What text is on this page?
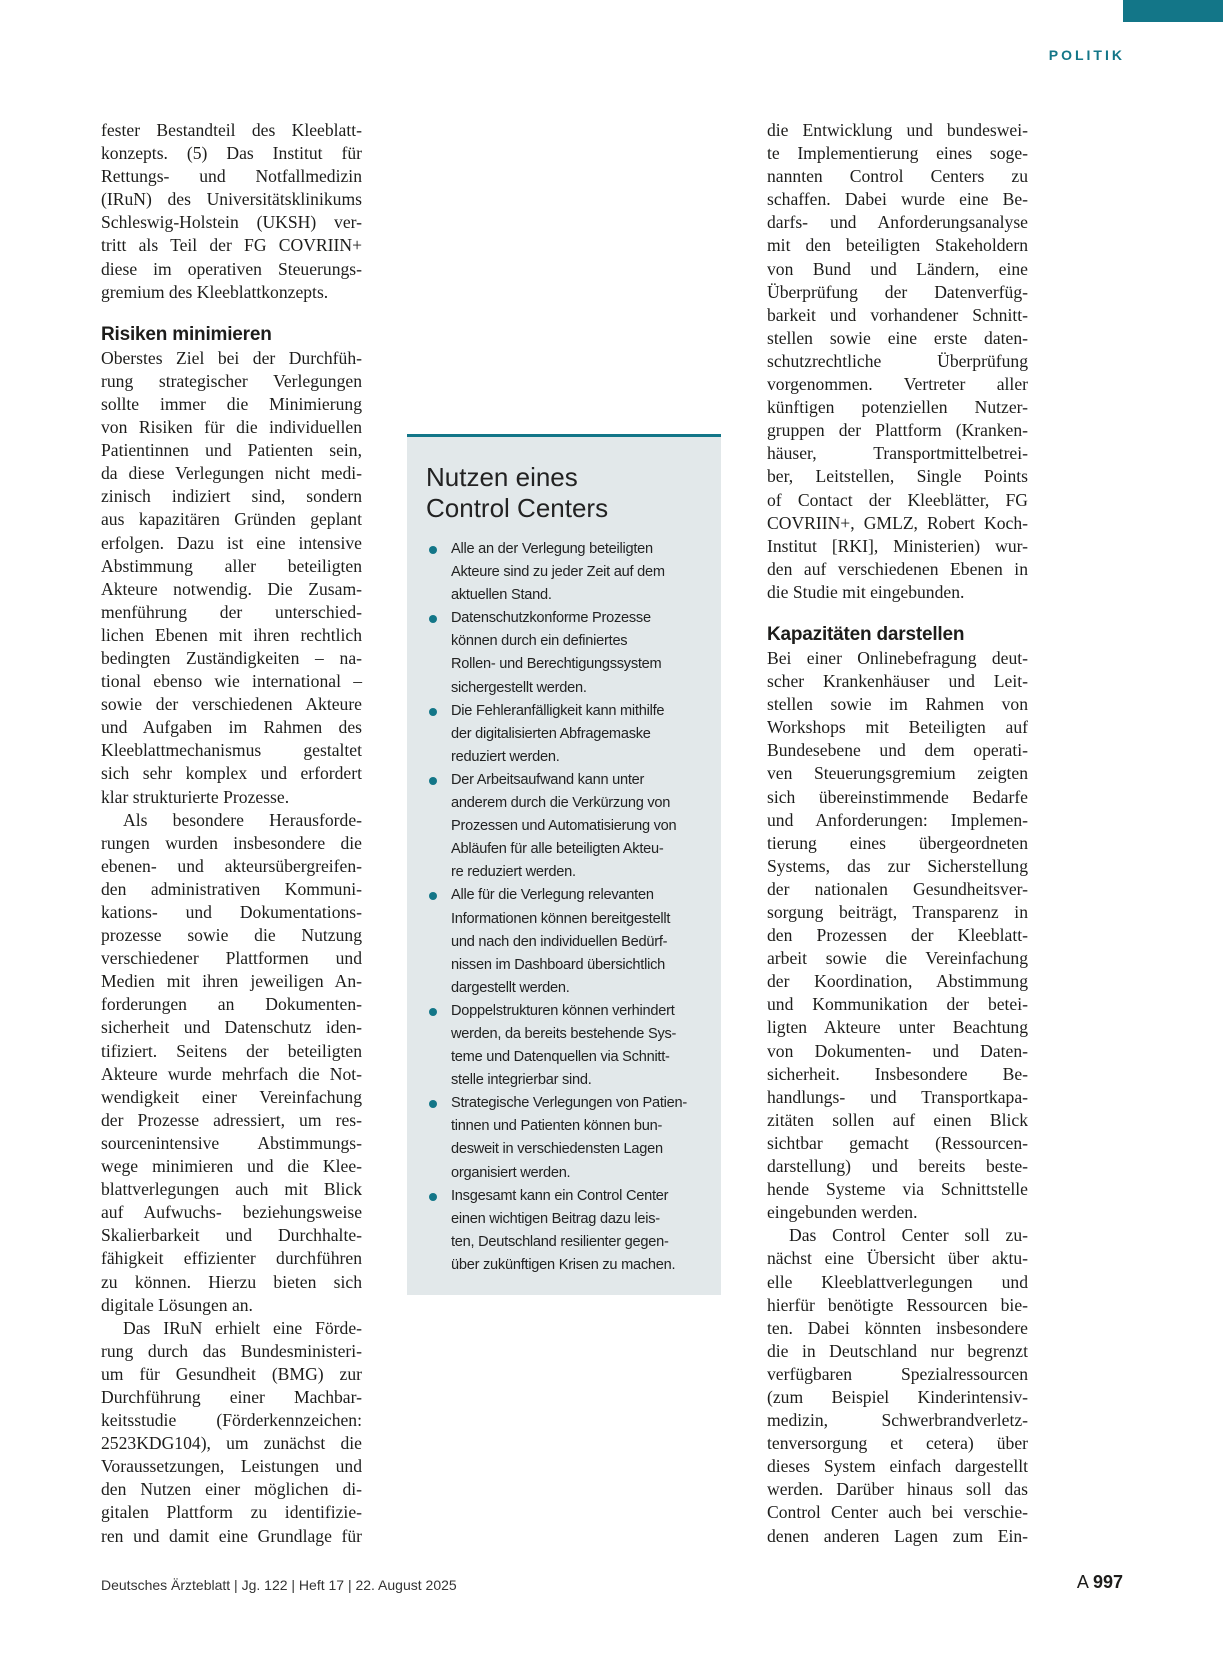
POLITIK
fester Bestandteil des Kleeblatt-
konzepts. (5) Das Institut für
Rettungs- und Notfallmedizin
(IRuN) des Universitätsklinikums
Schleswig-Holstein (UKSH) ver-
tritt als Teil der FG COVRIIN+
diese im operativen Steuerungs-
gremium des Kleeblattkonzepts.
Risiken minimieren
Oberstes Ziel bei der Durchfüh-
rung strategischer Verlegungen
sollte immer die Minimierung
von Risiken für die individuellen
Patientinnen und Patienten sein,
da diese Verlegungen nicht medi-
zinisch indiziert sind, sondern
aus kapazitären Gründen geplant
erfolgen. Dazu ist eine intensive
Abstimmung aller beteiligten
Akteure notwendig. Die Zusam-
menführung der unterschied-
lichen Ebenen mit ihren rechtlich
bedingten Zuständigkeiten – na-
tional ebenso wie international –
sowie der verschiedenen Akteure
und Aufgaben im Rahmen des
Kleeblattmechanismus gestaltet
sich sehr komplex und erfordert
klar strukturierte Prozesse.
Als besondere Herausforde-
rungen wurden insbesondere die
ebenen- und akteursübergreifen-
den administrativen Kommuni-
kations- und Dokumentations-
prozesse sowie die Nutzung
verschiedener Plattformen und
Medien mit ihren jeweiligen An-
forderungen an Dokumenten-
sicherheit und Datenschutz iden-
tifiziert. Seitens der beteiligten
Akteure wurde mehrfach die Not-
wendigkeit einer Vereinfachung
der Prozesse adressiert, um res-
sourcenintensive Abstimmungs-
wege minimieren und die Klee-
blattverlegungen auch mit Blick
auf Aufwuchs- beziehungsweise
Skalierbarkeit und Durchhalte-
fähigkeit effizienter durchführen
zu können. Hierzu bieten sich
digitale Lösungen an.
Das IRuN erhielt eine Förde-
rung durch das Bundesministeri-
um für Gesundheit (BMG) zur
Durchführung einer Machbar-
keitsstudie (Förderkennzeichen:
2523KDG104), um zunächst die
Voraussetzungen, Leistungen und
den Nutzen einer möglichen di-
gitalen Plattform zu identifizie-
ren und damit eine Grundlage für
Nutzen eines
Control Centers
Alle an der Verlegung beteiligten
Akteure sind zu jeder Zeit auf dem
aktuellen Stand.
Datenschutzkonforme Prozesse
können durch ein definiertes
Rollen- und Berechtigungssystem
sichergestellt werden.
Die Fehleranfälligkeit kann mithilfe
der digitalisierten Abfragemaske
reduziert werden.
Der Arbeitsaufwand kann unter
anderem durch die Verkürzung von
Prozessen und Automatisierung von
Abläufen für alle beteiligten Akteu-
re reduziert werden.
Alle für die Verlegung relevanten
Informationen können bereitgestellt
und nach den individuellen Bedürf-
nissen im Dashboard übersichtlich
dargestellt werden.
Doppelstrukturen können verhindert
werden, da bereits bestehende Sys-
teme und Datenquellen via Schnitt-
stelle integrierbar sind.
Strategische Verlegungen von Patien-
tinnen und Patienten können bun-
desweit in verschiedensten Lagen
organisiert werden.
Insgesamt kann ein Control Center
einen wichtigen Beitrag dazu leis-
ten, Deutschland resilienter gegen-
über zukünftigen Krisen zu machen.
die Entwicklung und bundeswei-
te Implementierung eines soge-
nannten Control Centers zu
schaffen. Dabei wurde eine Be-
darfs- und Anforderungsanalyse
mit den beteiligten Stakeholdern
von Bund und Ländern, eine
Überprüfung der Datenverfüg-
barkeit und vorhandener Schnitt-
stellen sowie eine erste daten-
schutzrechtliche Überprüfung
vorgenommen. Vertreter aller
künftigen potenziellen Nutzer-
gruppen der Plattform (Kranken-
häuser, Transportmittelbetrei-
ber, Leitstellen, Single Points
of Contact der Kleeblätter, FG
COVRIIN+, GMLZ, Robert Koch-
Institut [RKI], Ministerien) wur-
den auf verschiedenen Ebenen in
die Studie mit eingebunden.
Kapazitäten darstellen
Bei einer Onlinebefragung deut-
scher Krankenhäuser und Leit-
stellen sowie im Rahmen von
Workshops mit Beteiligten auf
Bundesebene und dem operati-
ven Steuerungsgremium zeigten
sich übereinstimmende Bedarfe
und Anforderungen: Implemen-
tierung eines übergeordneten
Systems, das zur Sicherstellung
der nationalen Gesundheitsver-
sorgung beiträgt, Transparenz in
den Prozessen der Kleeblatt-
arbeit sowie die Vereinfachung
der Koordination, Abstimmung
und Kommunikation der betei-
ligten Akteure unter Beachtung
von Dokumenten- und Daten-
sicherheit. Insbesondere Be-
handlungs- und Transportkapa-
zitäten sollen auf einen Blick
sichtbar gemacht (Ressourcen-
darstellung) und bereits beste-
hende Systeme via Schnittstelle
eingebunden werden.
Das Control Center soll zu-
nächst eine Übersicht über aktu-
elle Kleeblattverlegungen und
hierfür benötigte Ressourcen bie-
ten. Dabei könnten insbesondere
die in Deutschland nur begrenzt
verfügbaren Spezialressourcen
(zum Beispiel Kinderintensiv-
medizin, Schwerbrandverletz-
tenversorgung et cetera) über
dieses System einfach dargestellt
werden. Darüber hinaus soll das
Control Center auch bei verschie-
denen anderen Lagen zum Ein-
Deutsches Ärzteblatt | Jg. 122 | Heft 17 | 22. August 2025	A 997
